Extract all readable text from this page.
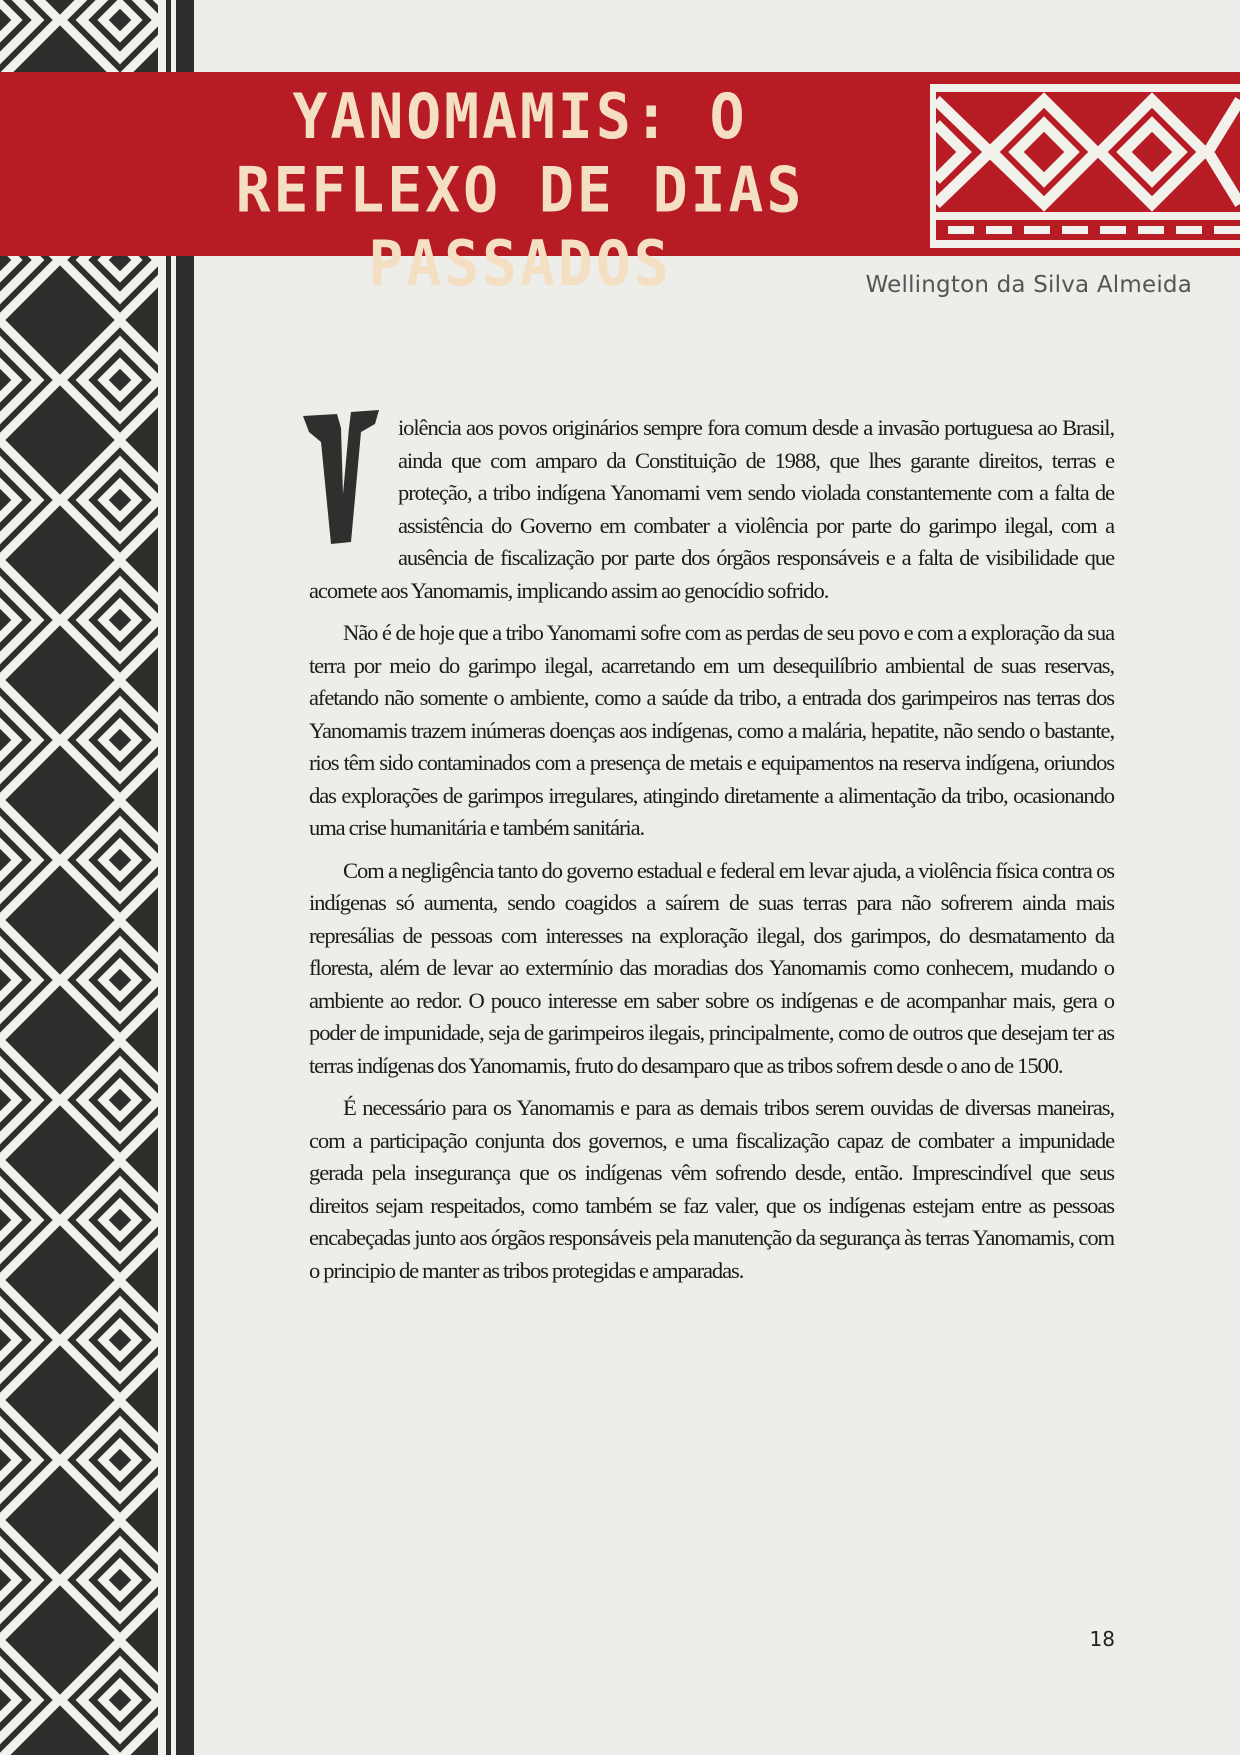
YANOMAMIS: O REFLEXO DE DIAS PASSADOS	Wellington da Silva Almeida

iolência aos povos originários sempre fora comum desde a invasão portuguesa ao Brasil, ainda que com amparo da Constituição de 1988, que lhes garante direitos, terras e proteção, a tribo indígena Yanomami vem sendo violada constantemente com a falta de assistência do Governo em combater a violência por parte do garimpo ilegal, com a ausência de fiscalização por parte dos órgãos responsáveis e a falta de visibilidade que acomete aos Yanomamis, implicando assim ao genocídio sofrido.

Não é de hoje que a tribo Yanomami sofre com as perdas de seu povo e com a exploração da sua terra por meio do garimpo ilegal, acarretando em um desequilíbrio ambiental de suas reservas, afetando não somente o ambiente, como a saúde da tribo, a entrada dos garimpeiros nas terras dos Yanomamis trazem inúmeras doenças aos indígenas, como a malária, hepatite, não sendo o bastante, rios têm sido contaminados com a presença de metais e equipamentos na reserva indígena, oriundos das explorações de garimpos irregulares, atingindo diretamente a alimentação da tribo, ocasionando uma crise humanitária e também sanitária.

Com a negligência tanto do governo estadual e federal em levar ajuda, a violência física contra os indígenas só aumenta, sendo coagidos a saírem de suas terras para não sofrerem ainda mais represálias de pessoas com interesses na exploração ilegal, dos garimpos, do desmatamento da floresta, além de levar ao extermínio das moradias dos Yanomamis como conhecem, mudando o ambiente ao redor. O pouco interesse em saber sobre os indígenas e de acompanhar mais, gera o poder de impunidade, seja de garimpeiros ilegais, principalmente, como de outros que desejam ter as terras indígenas dos Yanomamis, fruto do desamparo que as tribos sofrem desde o ano de 1500.

É necessário para os Yanomamis e para as demais tribos serem ouvidas de diversas maneiras, com a participação conjunta dos governos, e uma fiscalização capaz de combater a impunidade gerada pela insegurança que os indígenas vêm sofrendo desde, então. Imprescindível que seus direitos sejam respeitados, como também se faz valer, que os indígenas estejam entre as pessoas encabeçadas junto aos órgãos responsáveis pela manutenção da segurança às terras Yanomamis, com o principio de manter as tribos protegidas e amparadas.

18
